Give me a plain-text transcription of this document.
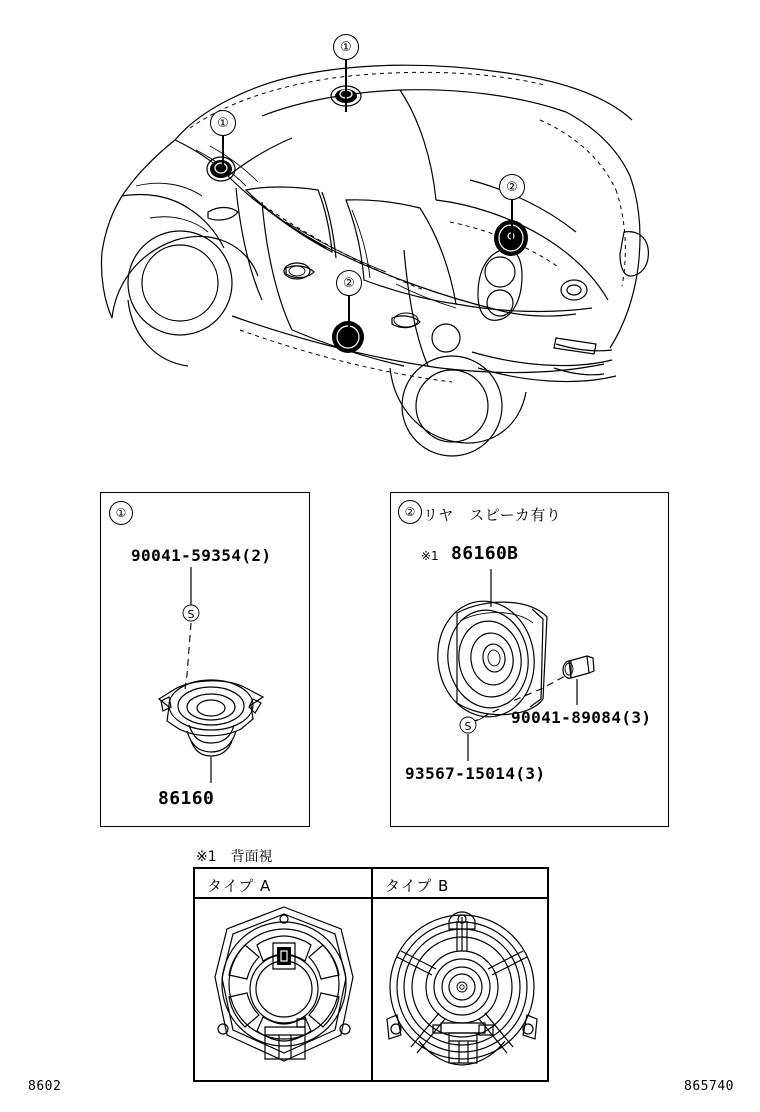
①
①
②
②
①
90041-59354(2)
S
86160
② リヤ　スピーカ有り
※1 86160B
S 90041-89084(3)
93567-15014(3)
※1　背面視
タイプ A	タイプ B
8602	865740
